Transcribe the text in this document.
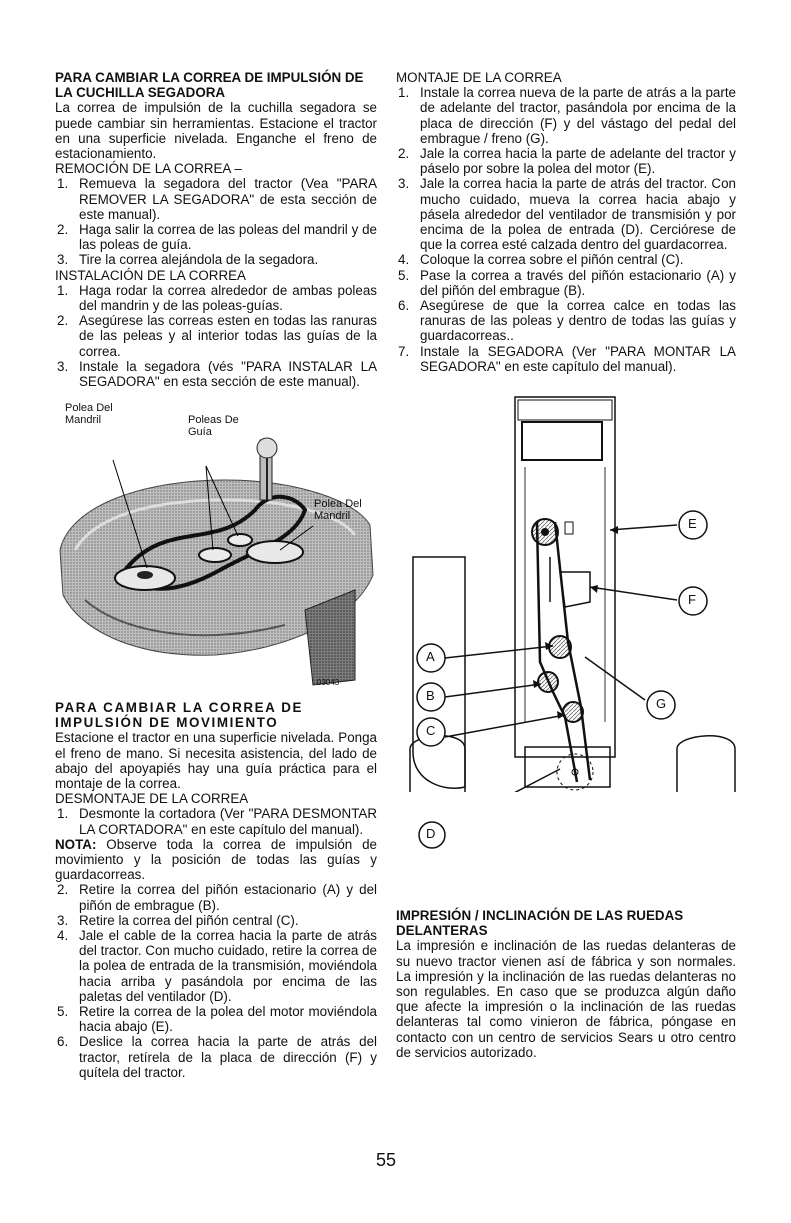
PARA CAMBIAR LA CORREA DE IMPULSIÓN DE LA CUCHILLA SEGADORA

La correa de impulsión de la cuchilla segadora se puede cambiar sin herramientas. Estacione el tractor en una superficie nivelada. Enganche el freno de estacionamiento.

REMOCIÓN DE LA CORREA –

1. Remueva la segadora del tractor (Vea "PARA REMOVER LA SEGADORA" de esta sección de este manual).
2. Haga salir la correa de las poleas del mandril y de las poleas de guía.
3. Tire la correa alejándola de la segadora.

INSTALACIÓN DE LA CORREA

1. Haga rodar la correa alrededor de ambas poleas del mandrin y de las poleas-guías.
2. Asegúrese las correas esten en todas las ranuras de las peleas y al interior todas las guías de la correa.
3. Instale la segadora (vés "PARA INSTALAR LA SEGADORA" en esta sección de este manual).
Polea Del Mandril	Poleas De Guía
Polea Del Mandril
03043

PARA CAMBIAR LA CORREA DE IMPULSIÓN DE MOVIMIENTO

Estacione el tractor en una superficie nivelada. Ponga el freno de mano. Si necesita asistencia, del lado de abajo del apoyapiés hay una guía práctica para el montaje de la correa.

DESMONTAJE DE LA CORREA

1. Desmonte la cortadora (Ver "PARA DESMONTAR LA CORTADORA" en este capítulo del manual).

NOTA: Observe toda la correa de impulsión de movimiento y la posición de todas las guías y guardacorreas.

2. Retire la correa del piñón estacionario (A) y del piñón de embrague (B).
3. Retire la correa del piñón central (C).
4. Jale el cable de la correa hacia la parte de atrás del tractor. Con mucho cuidado, retire la correa de la polea de entrada de la transmisión, moviéndola hacia arriba y pasándola por encima de las paletas del ventilador (D).
5. Retire la correa de la polea del motor moviéndola hacia abajo (E).
6. Deslice la correa hacia la parte de atrás del tractor, retírela de la placa de dirección (F) y quítela del tractor.

MONTAJE DE LA CORREA

1. Instale la correa nueva de la parte de atrás a la parte de adelante del tractor, pasándola por encima de la placa de dirección (F) y del vástago del pedal del embrague / freno (G).
2. Jale la correa hacia la parte de adelante del tractor y páselo por sobre la polea del motor (E).
3. Jale la correa hacia la parte de atrás del tractor. Con mucho cuidado, mueva la correa hacia abajo y pásela alrededor del ventilador de transmisión y por encima de la polea de entrada (D). Cerciórese de que la correa esté calzada dentro del guardacorrea.
4. Coloque la correa sobre el piñón central (C).
5. Pase la correa a través del piñón estacionario (A) y del piñón del embrague (B).
6. Asegúrese de que la correa calce en todas las ranuras de las poleas y dentro de todas las guías y guardacorreas..
7. Instale la SEGADORA (Ver "PARA MONTAR LA SEGADORA" en este capítulo del manual).
A
B
C
E
F
G
D

IMPRESIÓN / INCLINACIÓN DE LAS RUEDAS DELANTERAS

La impresión e inclinación de las ruedas delanteras de su nuevo tractor vienen así de fábrica y son normales. La impresión y la inclinación de las ruedas delanteras no son regulables. En caso que se produzca algún daño que afecte la impresión o la inclinación de las ruedas delanteras tal como vinieron de fábrica, póngase en contacto con un centro de servicios Sears u otro centro de servicios autorizado.

55
